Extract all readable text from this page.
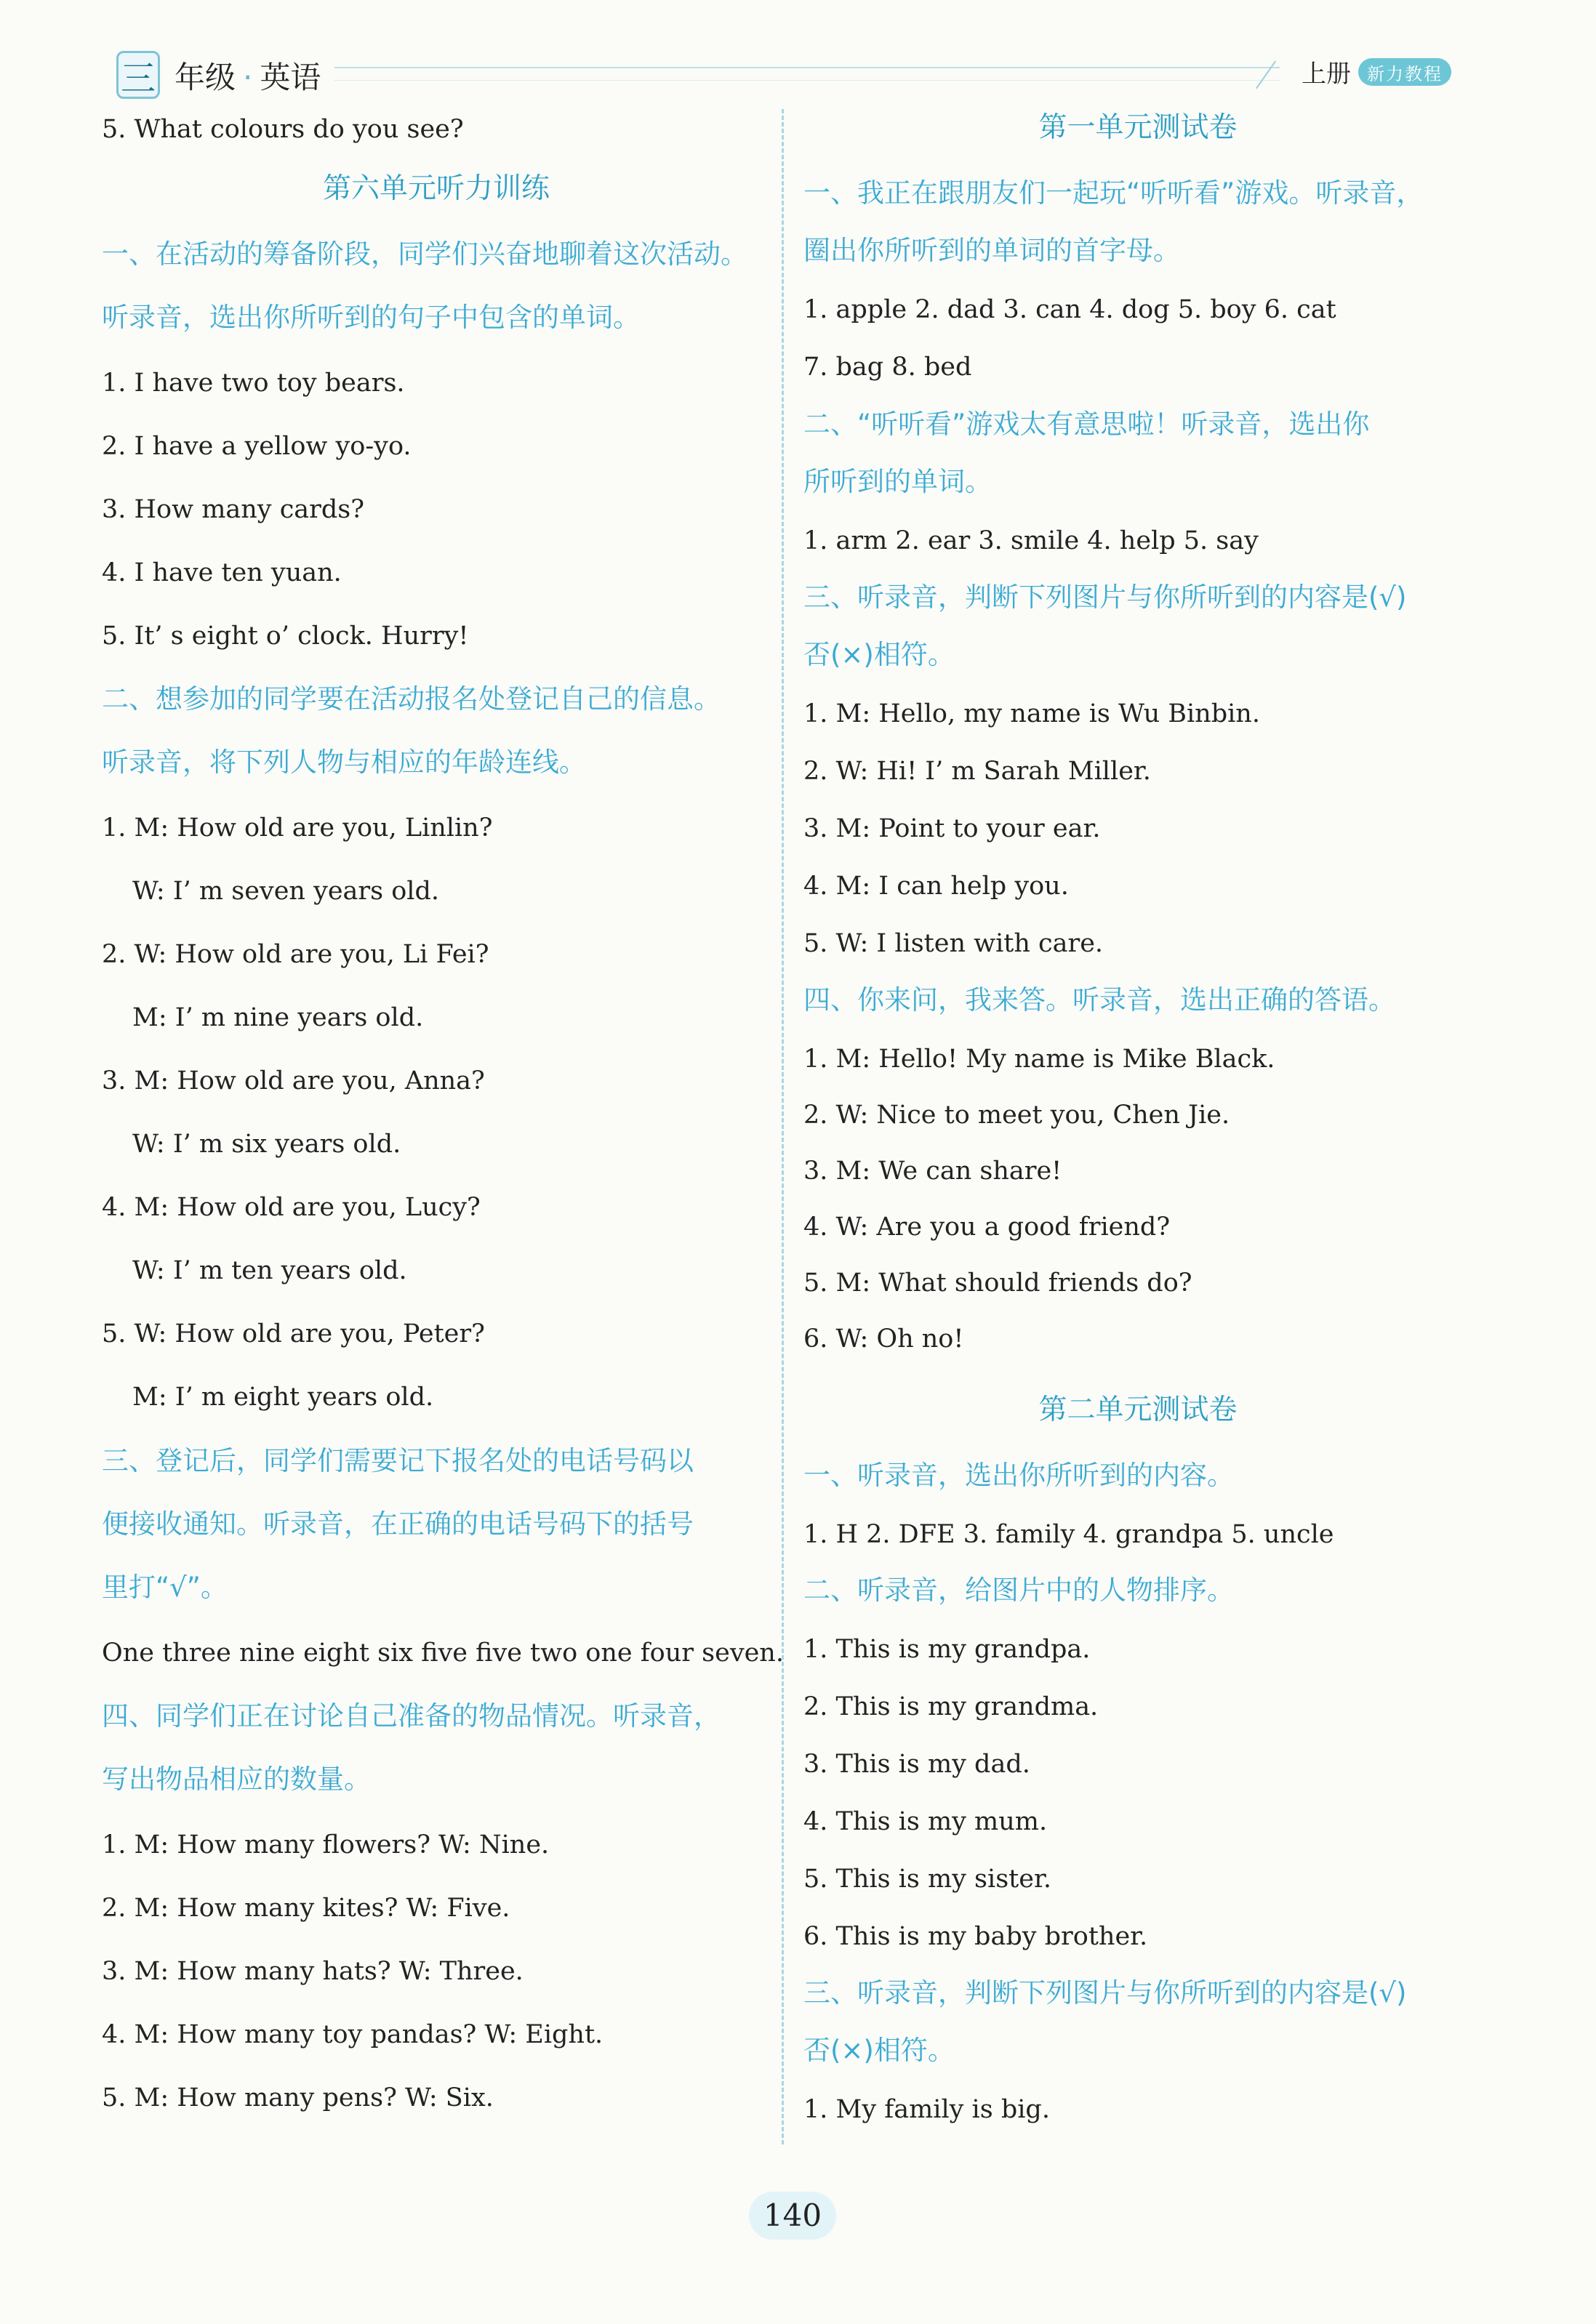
三 年级 · 英语	上册 新力教程
5. What colours do you see?
第六单元听力训练
一、在活动的筹备阶段，同学们兴奋地聊着这次活动。
听录音，选出你所听到的句子中包含的单词。
1. I have two toy bears.
2. I have a yellow yo-yo.
3. How many cards?
4. I have ten yuan.
5. It’ s eight o’ clock. Hurry!
二、想参加的同学要在活动报名处登记自己的信息。
听录音，将下列人物与相应的年龄连线。
1. M: How old are you, Linlin?
W: I’ m seven years old.
2. W: How old are you, Li Fei?
M: I’ m nine years old.
3. M: How old are you, Anna?
W: I’ m six years old.
4. M: How old are you, Lucy?
W: I’ m ten years old.
5. W: How old are you, Peter?
M: I’ m eight years old.
三、登记后，同学们需要记下报名处的电话号码以
便接收通知。听录音，在正确的电话号码下的括号
里打“√”。
One three nine eight six five five two one four seven.
四、同学们正在讨论自己准备的物品情况。听录音，
写出物品相应的数量。
1. M: How many flowers? W: Nine.
2. M: How many kites? W: Five.
3. M: How many hats? W: Three.
4. M: How many toy pandas? W: Eight.
5. M: How many pens? W: Six.
第一单元测试卷
一、我正在跟朋友们一起玩“听听看”游戏。听录音，
圈出你所听到的单词的首字母。
1. apple 2. dad 3. can 4. dog 5. boy 6. cat
7. bag 8. bed
二、“听听看”游戏太有意思啦！听录音，选出你
所听到的单词。
1. arm 2. ear 3. smile 4. help 5. say
三、听录音，判断下列图片与你所听到的内容是(√)
否(×)相符。
1. M: Hello, my name is Wu Binbin.
2. W: Hi! I’ m Sarah Miller.
3. M: Point to your ear.
4. M: I can help you.
5. W: I listen with care.
四、你来问，我来答。听录音，选出正确的答语。
1. M: Hello! My name is Mike Black.
2. W: Nice to meet you, Chen Jie.
3. M: We can share!
4. W: Are you a good friend?
5. M: What should friends do?
6. W: Oh no!
第二单元测试卷
一、听录音，选出你所听到的内容。
1. H 2. DFE 3. family 4. grandpa 5. uncle
二、听录音，给图片中的人物排序。
1. This is my grandpa.
2. This is my grandma.
3. This is my dad.
4. This is my mum.
5. This is my sister.
6. This is my baby brother.
三、听录音，判断下列图片与你所听到的内容是(√)
否(×)相符。
1. My family is big.
140
